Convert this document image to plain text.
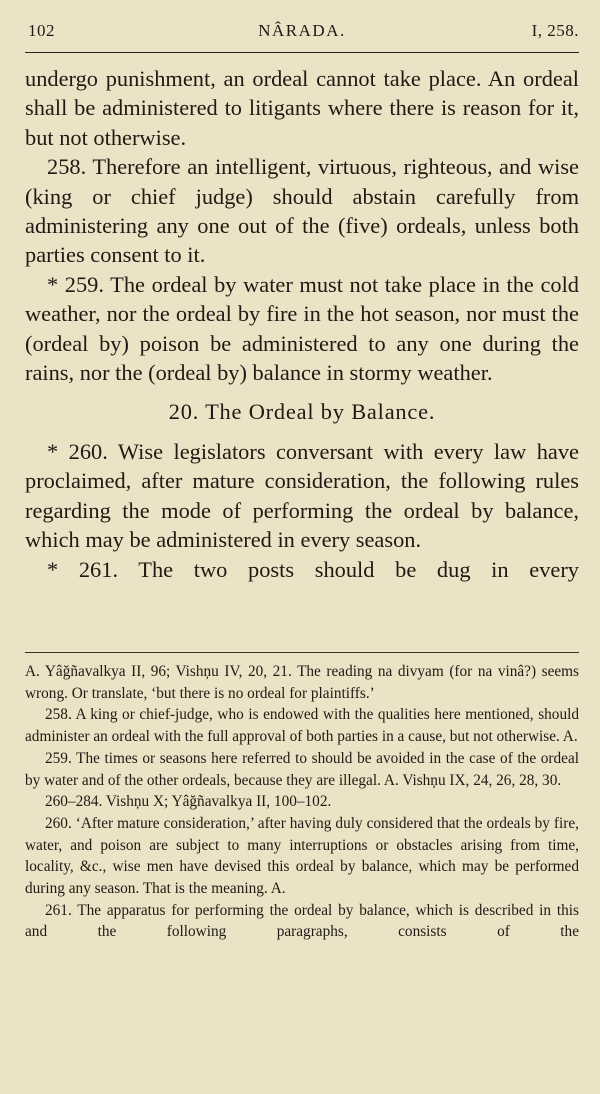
102	NÂRADA.	I, 258.

undergo punishment, an ordeal cannot take place. An ordeal shall be administered to litigants where there is reason for it, but not otherwise.

258. Therefore an intelligent, virtuous, righteous, and wise (king or chief judge) should abstain carefully from administering any one out of the (five) ordeals, unless both parties consent to it.

* 259. The ordeal by water must not take place in the cold weather, nor the ordeal by fire in the hot season, nor must the (ordeal by) poison be administered to any one during the rains, nor the (ordeal by) balance in stormy weather.

20. The Ordeal by Balance.

* 260. Wise legislators conversant with every law have proclaimed, after mature consideration, the following rules regarding the mode of performing the ordeal by balance, which may be administered in every season.

* 261. The two posts should be dug in every

A. Yâğñavalkya II, 96; Vishņu IV, 20, 21. The reading na divyam (for na vinâ?) seems wrong. Or translate, ‘but there is no ordeal for plaintiffs.’

258. A king or chief-judge, who is endowed with the qualities here mentioned, should administer an ordeal with the full approval of both parties in a cause, but not otherwise. A.

259. The times or seasons here referred to should be avoided in the case of the ordeal by water and of the other ordeals, because they are illegal. A. Vishņu IX, 24, 26, 28, 30.

260–284. Vishņu X; Yâğñavalkya II, 100–102.

260. ‘After mature consideration,’ after having duly considered that the ordeals by fire, water, and poison are subject to many interruptions or obstacles arising from time, locality, &c., wise men have devised this ordeal by balance, which may be performed during any season. That is the meaning. A.

261. The apparatus for performing the ordeal by balance, which is described in this and the following paragraphs, consists of the
